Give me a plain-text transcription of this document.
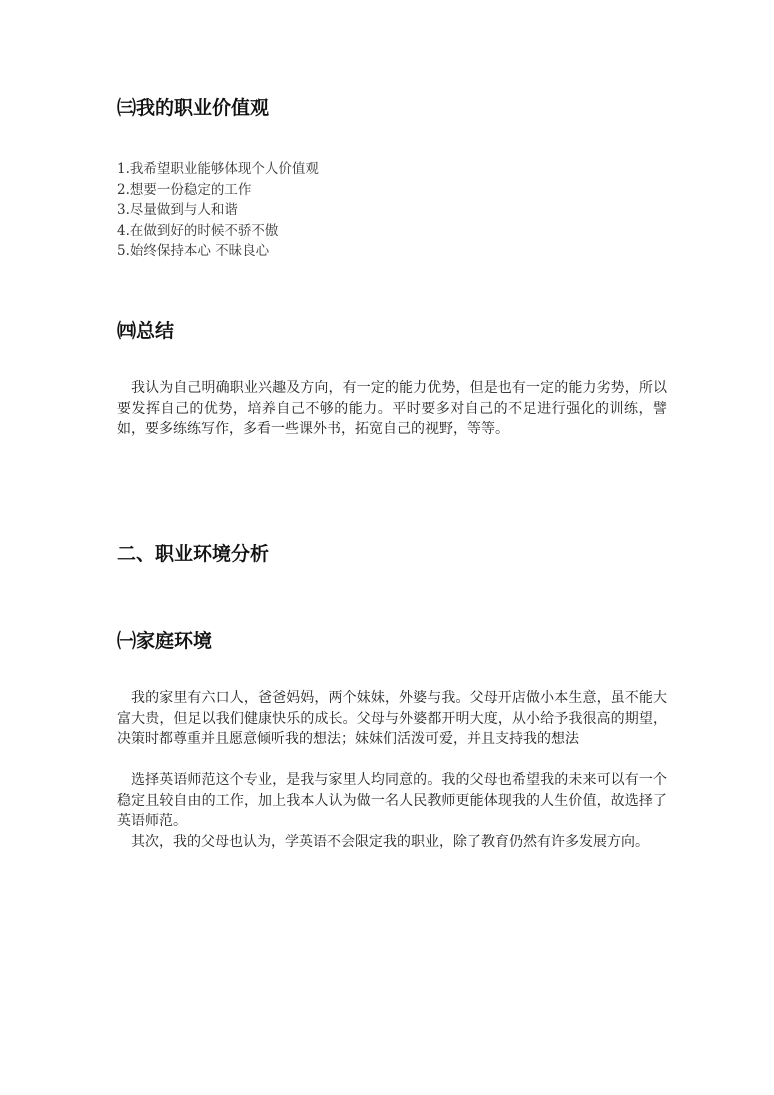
㈢我的职业价值观
1.我希望职业能够体现个人价值观
2.想要一份稳定的工作
3.尽量做到与人和谐
4.在做到好的时候不骄不傲
5.始终保持本心 不昧良心
㈣总结

我认为自己明确职业兴趣及方向，有一定的能力优势，但是也有一定的能力劣势，所以要发挥自己的优势，培养自己不够的能力。平时要多对自己的不足进行强化的训练，譬如，要多练练写作，多看一些课外书，拓宽自己的视野，等等。

二、职业环境分析
㈠家庭环境

我的家里有六口人，爸爸妈妈，两个妹妹，外婆与我。父母开店做小本生意，虽不能大富大贵，但足以我们健康快乐的成长。父母与外婆都开明大度，从小给予我很高的期望，决策时都尊重并且愿意倾听我的想法；妹妹们活泼可爱，并且支持我的想法

选择英语师范这个专业，是我与家里人均同意的。我的父母也希望我的未来可以有一个稳定且较自由的工作，加上我本人认为做一名人民教师更能体现我的人生价值，故选择了英语师范。

其次，我的父母也认为，学英语不会限定我的职业，除了教育仍然有许多发展方向。
